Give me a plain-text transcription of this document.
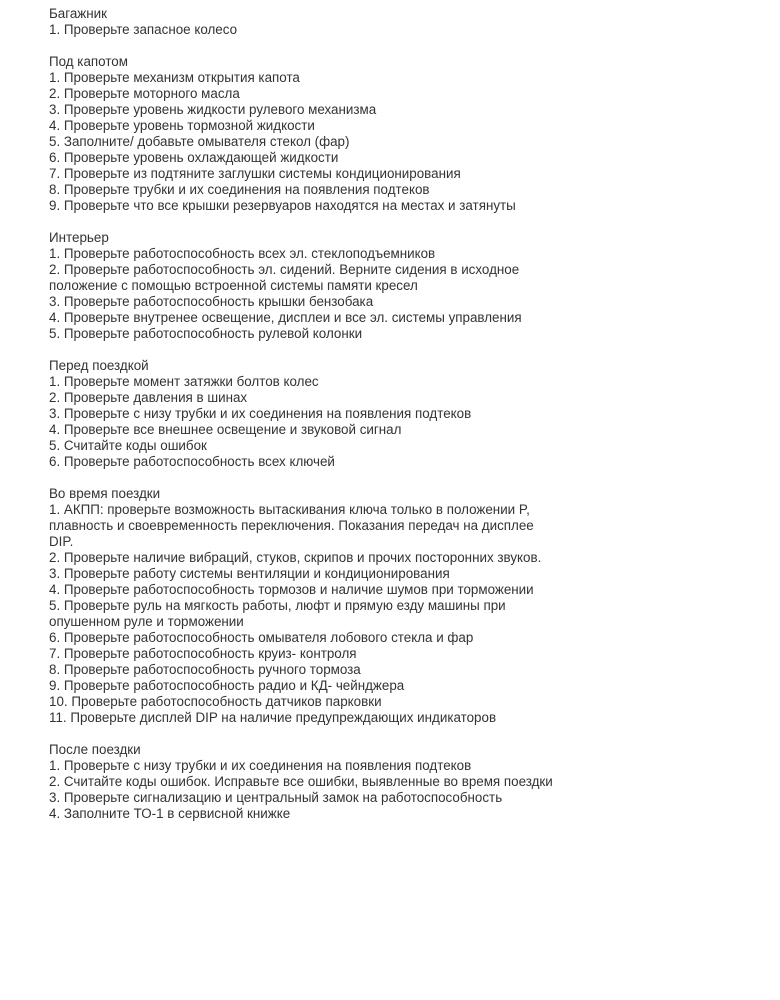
Багажник

1. Проверьте запасное колесо

Под капотом

1. Проверьте механизм открытия капота

2. Проверьте моторного масла

3. Проверьте уровень жидкости рулевого механизма

4. Проверьте уровень тормозной жидкости

5. Заполните/ добавьте омывателя стекол (фар)

6. Проверьте уровень охлаждающей жидкости

7. Проверьте из подтяните заглушки системы кондиционирования

8. Проверьте трубки и их соединения на появления подтеков

9. Проверьте что все крышки резервуаров находятся на местах и затянуты

Интерьер

1. Проверьте работоспособность всех эл. стеклоподъемников

2. Проверьте работоспособность эл. сидений. Верните сидения в исходное положение с помощью встроенной системы памяти кресел

3. Проверьте работоспособность крышки бензобака

4. Проверьте внутренее освещение, дисплеи и все эл. системы управления

5. Проверьте работоспособность рулевой колонки

Перед поездкой

1. Проверьте момент затяжки болтов колес

2. Проверьте давления в шинах

3. Проверьте с низу трубки и их соединения на появления подтеков

4. Проверьте все внешнее освещение и звуковой сигнал

5. Считайте коды ошибок

6. Проверьте работоспособность всех ключей

Во время поездки

1. АКПП: проверьте возможность вытаскивания ключа только в положении P, плавность и своевременность переключения. Показания передач на дисплее DIP.

2. Проверьте наличие вибраций, стуков, скрипов и прочих посторонних звуков.

3. Проверьте работу системы вентиляции и кондиционирования

4. Проверьте работоспособность тормозов и наличие шумов при торможении

5. Проверьте руль на мягкость работы, люфт и прямую езду машины при опушенном руле и торможении

6. Проверьте работоспособность омывателя лобового стекла и фар

7. Проверьте работоспособность круиз- контроля

8. Проверьте работоспособность ручного тормоза

9. Проверьте работоспособность радио и КД- чейнджера

10. Проверьте работоспособность датчиков парковки

11. Проверьте дисплей DIP на наличие предупреждающих индикаторов

После поездки

1. Проверьте с низу трубки и их соединения на появления подтеков

2. Считайте коды ошибок. Исправьте все ошибки, выявленные во время поездки

3. Проверьте сигнализацию и центральный замок на работоспособность

4. Заполните ТО-1 в сервисной книжке
